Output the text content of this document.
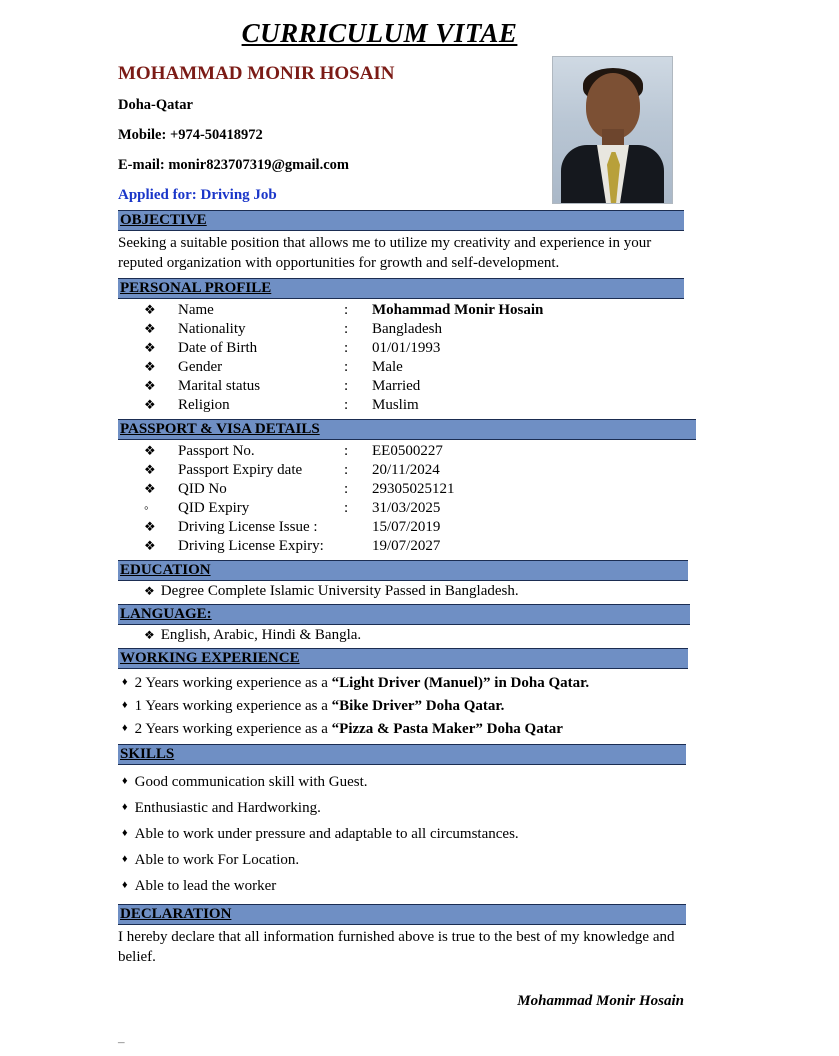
CURRICULUM VITAE
MOHAMMAD MONIR HOSAIN
Doha-Qatar
Mobile: +974-50418972
E-mail: monir823707319@gmail.com
Applied for: Driving Job
OBJECTIVE
Seeking a suitable position that allows me to utilize my creativity and experience in your reputed organization with opportunities for growth and self-development.
PERSONAL PROFILE
❖	Name	:	Mohammad Monir Hosain
❖	Nationality	:	Bangladesh
❖	Date of Birth	:	01/01/1993
❖	Gender	:	Male
❖	Marital status	:	Married
❖	Religion	:	Muslim
PASSPORT & VISA DETAILS
❖	Passport No.	:	EE0500227
❖	Passport Expiry date	:	20/11/2024
❖	QID No	:	29305025121
◦	QID Expiry	:	31/03/2025
❖	Driving License Issue :		15/07/2019
❖	Driving License Expiry:		19/07/2027
EDUCATION
❖ Degree Complete Islamic University Passed in Bangladesh.
LANGUAGE:
❖ English, Arabic, Hindi & Bangla.
WORKING EXPERIENCE
♦ 2 Years working experience as a “Light Driver (Manuel)” in Doha Qatar.
♦ 1 Years working experience as a “Bike Driver” Doha Qatar.
♦ 2 Years working experience as a “Pizza & Pasta Maker” Doha Qatar
SKILLS
♦ Good communication skill with Guest.
♦ Enthusiastic and Hardworking.
♦ Able to work under pressure and adaptable to all circumstances.
♦ Able to work For Location.
♦ Able to lead the worker
DECLARATION
I hereby declare that all information furnished above is true to the best of my knowledge and belief.
Mohammad Monir Hosain
¯
